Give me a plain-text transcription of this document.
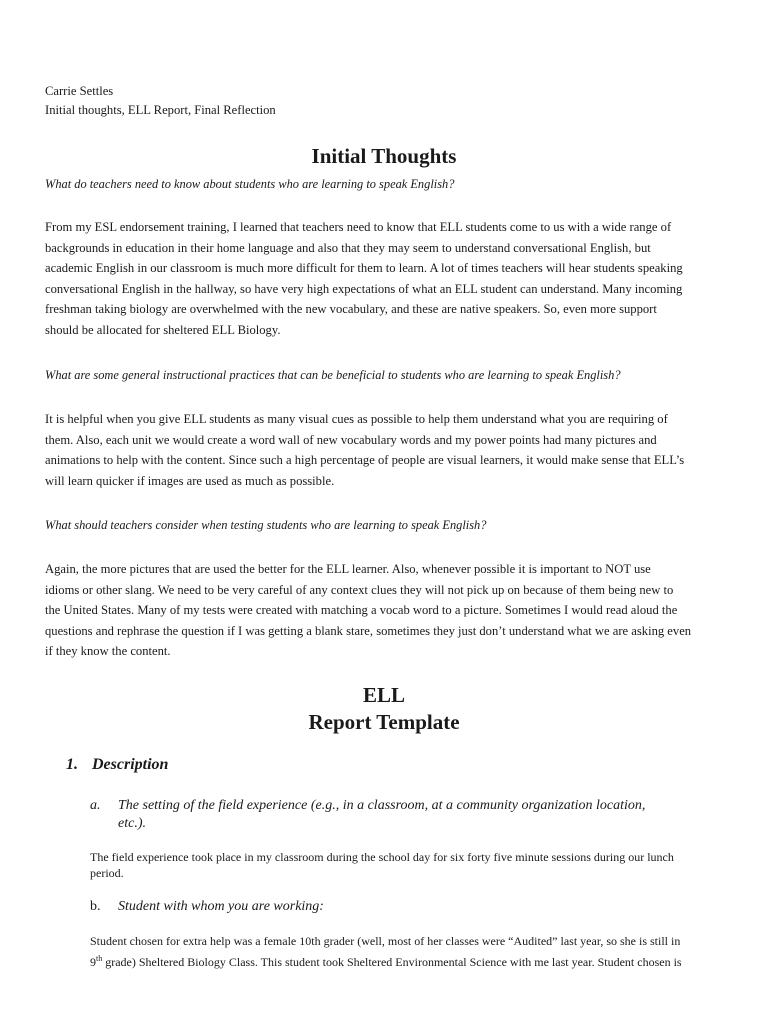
Carrie Settles

Initial thoughts, ELL Report, Final Reflection

Initial Thoughts

What do teachers need to know about students who are learning to speak English?

From my ESL endorsement training, I learned that teachers need to know that ELL students come to us with a wide range of
backgrounds in education in their home language and also that they may seem to understand conversational English, but
academic English in our classroom is much more difficult for them to learn. A lot of times teachers will hear students speaking
conversational English in the hallway, so have very high expectations of what an ELL student can understand. Many incoming
freshman taking biology are overwhelmed with the new vocabulary, and these are native speakers. So, even more support
should be allocated for sheltered ELL Biology.

What are some general instructional practices that can be beneficial to students who are learning to speak English?

It is helpful when you give ELL students as many visual cues as possible to help them understand what you are requiring of
them. Also, each unit we would create a word wall of new vocabulary words and my power points had many pictures and
animations to help with the content. Since such a high percentage of people are visual learners, it would make sense that ELL’s
will learn quicker if images are used as much as possible.

What should teachers consider when testing students who are learning to speak English?

Again, the more pictures that are used the better for the ELL learner. Also, whenever possible it is important to NOT use
idioms or other slang. We need to be very careful of any context clues they will not pick up on because of them being new to
the United States. Many of my tests were created with matching a vocab word to a picture. Sometimes I would read aloud the
questions and rephrase the question if I was getting a blank stare, sometimes they just don’t understand what we are asking even
if they know the content.
ELL
Report Template

1. Description

a. The setting of the field experience (e.g., in a classroom, at a community organization location,
etc.).
The field experience took place in my classroom during the school day for six forty five minute sessions during our lunch
period.
b. Student with whom you are working:
Student chosen for extra help was a female 10th grader (well, most of her classes were “Audited” last year, so she is still in
9th grade) Sheltered Biology Class. This student took Sheltered Environmental Science with me last year. Student chosen is
